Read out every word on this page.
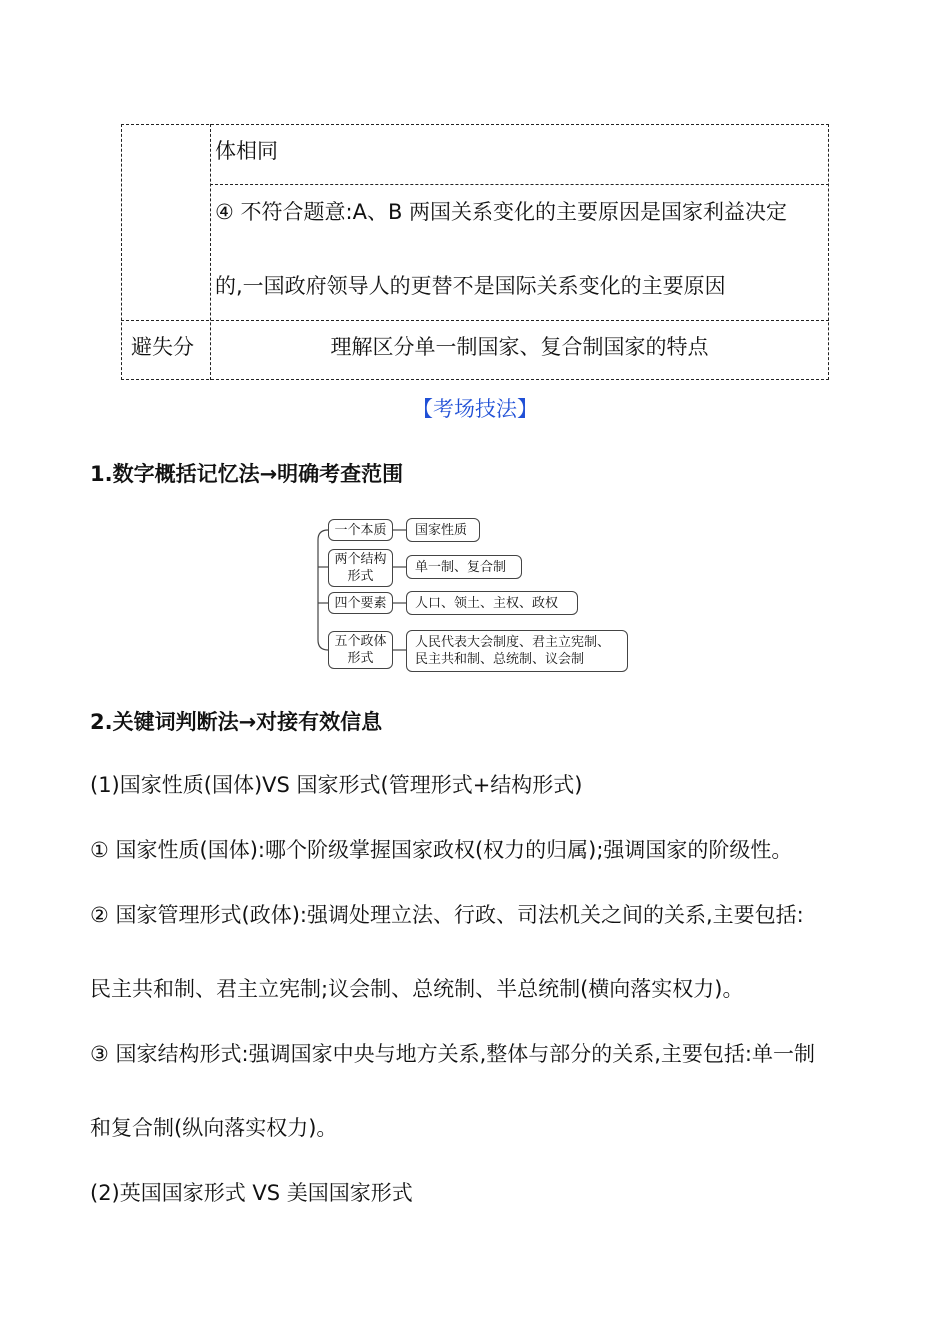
体相同
④ 不符合题意:A、B 两国关系变化的主要原因是国家利益决定
的,一国政府领导人的更替不是国际关系变化的主要原因
避失分	理解区分单一制国家、复合制国家的特点
【考场技法】
1.数字概括记忆法→明确考查范围
一个本质
两个结构
形式
四个要素
五个政体
形式
国家性质
单一制、复合制
人口、领土、主权、政权
人民代表大会制度、君主立宪制、
民主共和制、总统制、议会制
2.关键词判断法→对接有效信息
(1)国家性质(国体)VS 国家形式(管理形式+结构形式)
① 国家性质(国体):哪个阶级掌握国家政权(权力的归属);强调国家的阶级性。
② 国家管理形式(政体):强调处理立法、行政、司法机关之间的关系,主要包括:
民主共和制、君主立宪制;议会制、总统制、半总统制(横向落实权力)。
③ 国家结构形式:强调国家中央与地方关系,整体与部分的关系,主要包括:单一制
和复合制(纵向落实权力)。
(2)英国国家形式 VS 美国国家形式
